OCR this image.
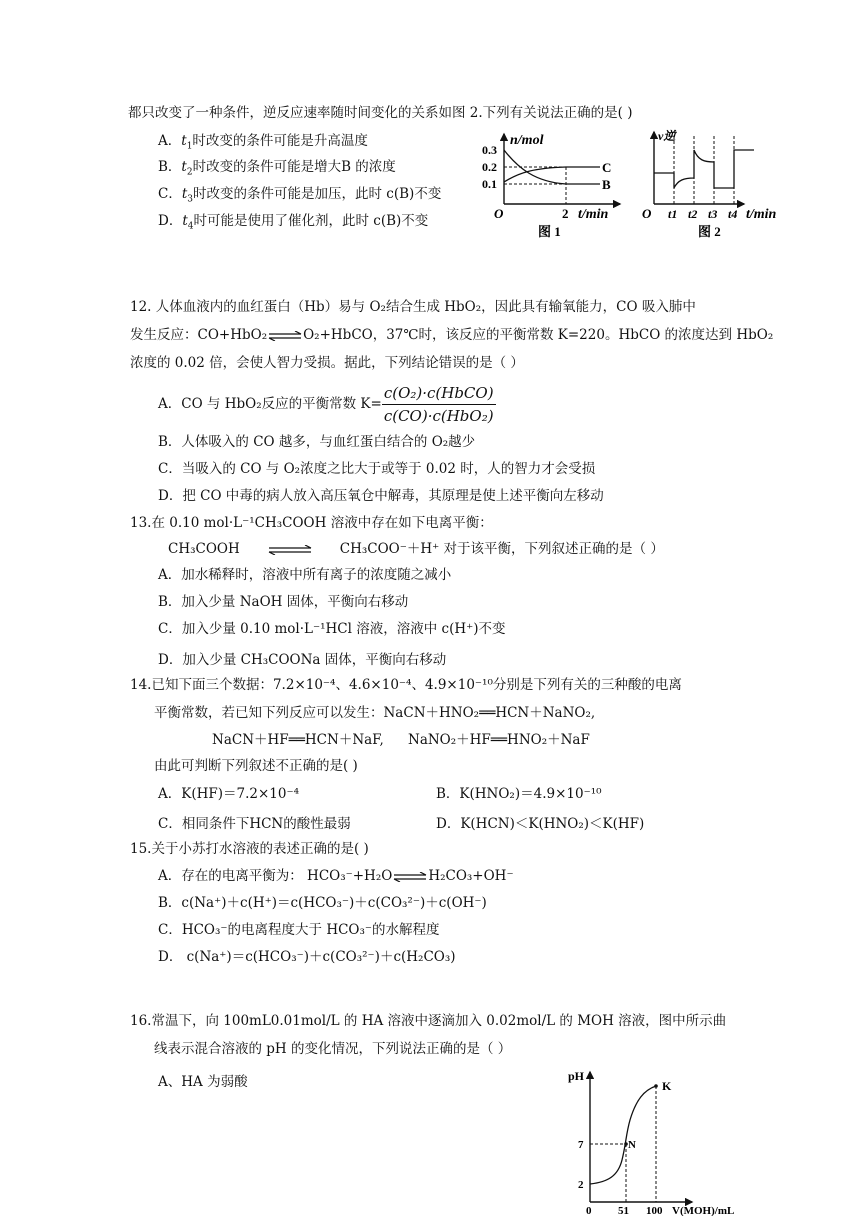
都只改变了一种条件，逆反应速率随时间变化的关系如图 2.下列有关说法正确的是( )
A．$t_1$时改变的条件可能是升高温度
B．$t_2$时改变的条件可能是增大B 的浓度
C．$t_3$时改变的条件可能是加压，此时 c(B)不变
D．$t_4$时可能是使用了催化剂，此时 c(B)不变
n/mol
0.3
0.2
0.1
C
B
O	2 t/min
图 1
v逆
O t1 t2 t3 t4 t/min
图 2
12. 人体血液内的血红蛋白（Hb）易与 O₂结合生成 HbO₂，因此具有输氧能力，CO 吸入肺中
发生反应：CO+HbO₂⇌O₂+HbCO，37℃时，该反应的平衡常数 K=220。HbCO 的浓度达到 HbO₂
浓度的 0.02 倍，会使人智力受损。据此，下列结论错误的是（ ）
A．CO 与 HbO₂反应的平衡常数 $K= \frac{\text{c(O₂)·c(HbCO)}}{\text{c(CO)·c(HbO₂)}}$
B．人体吸入的 CO 越多，与血红蛋白结合的 O₂越少
C．当吸入的 CO 与 O₂浓度之比大于或等于 0.02 时，人的智力才会受损
D．把 CO 中毒的病人放入高压氧仓中解毒，其原理是使上述平衡向左移动
13.在 0.10 mol·L⁻¹CH₃COOH 溶液中存在如下电离平衡：
CH₃COOH	CH₃COO⁻＋H⁺ 对于该平衡，下列叙述正确的是（ ）
A．加水稀释时，溶液中所有离子的浓度随之减小
B．加入少量 NaOH 固体，平衡向右移动
C．加入少量 0.10 mol·L⁻¹HCl 溶液，溶液中 c(H⁺)不变
D．加入少量 CH₃COONa 固体，平衡向右移动
14.已知下面三个数据：7.2×10⁻⁴、4.6×10⁻⁴、4.9×10⁻¹⁰分别是下列有关的三种酸的电离
平衡常数，若已知下列反应可以发生：NaCN＋HNO₂══HCN＋NaNO₂,
NaCN＋HF══HCN＋NaF, NaNO₂＋HF══HNO₂＋NaF
由此可判断下列叙述不正确的是( )
A．K(HF)＝7.2×10⁻⁴	B．K(HNO₂)＝4.9×10⁻¹⁰
C．相同条件下HCN的酸性最弱	D．K(HCN)＜K(HNO₂)＜K(HF)
15.关于小苏打水溶液的表述正确的是( )
A．存在的电离平衡为： HCO₃⁻+H₂O⇌H₂CO₃+OH⁻
B．c(Na⁺)＋c(H⁺)＝c(HCO₃⁻)＋c(CO₃²⁻)＋c(OH⁻)
C．HCO₃⁻的电离程度大于 HCO₃⁻的水解程度
D． c(Na⁺)＝c(HCO₃⁻)＋c(CO₃²⁻)＋c(H₂CO₃)
16.常温下，向 100mL0.01mol/L 的 HA 溶液中逐滴加入 0.02mol/L 的 MOH 溶液，图中所示曲
线表示混合溶液的 pH 的变化情况，下列说法正确的是（ ）
A、HA 为弱酸	pH
7
2
N
K
0 51 100 V(MOH)/mL
